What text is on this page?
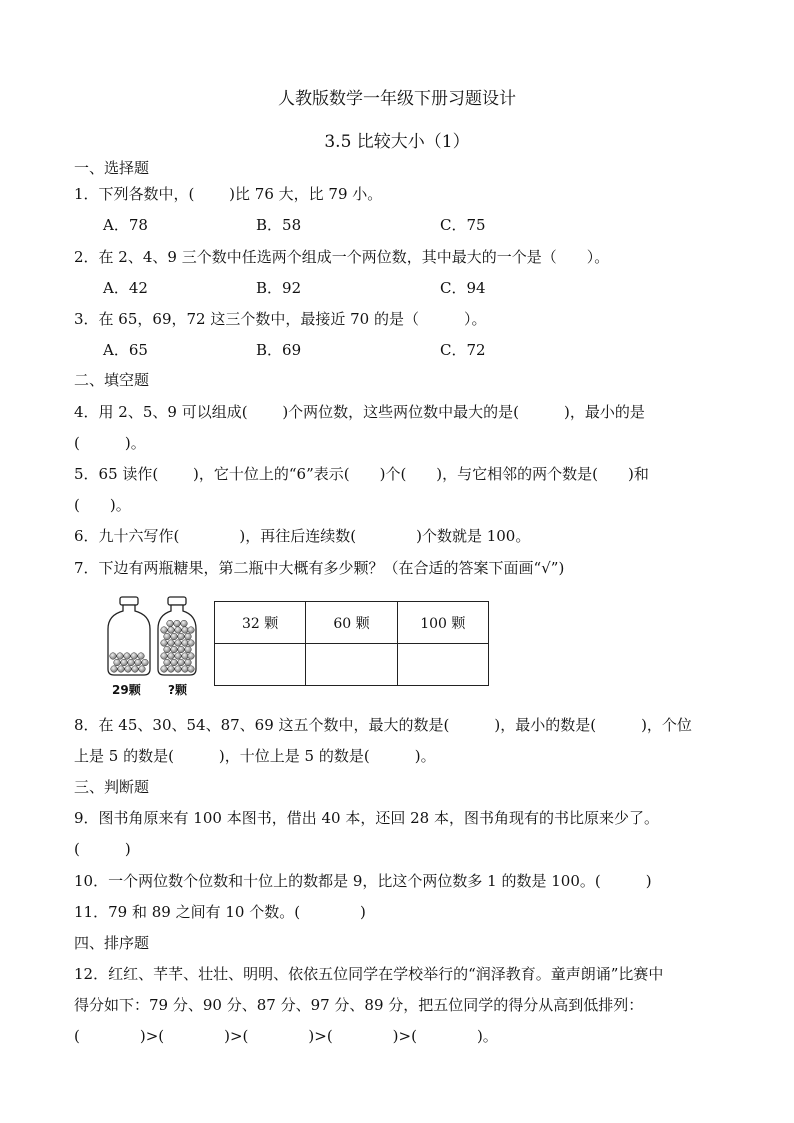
人教版数学一年级下册习题设计
3.5 比较大小（1）
一、选择题
1．下列各数中，(　　 )比 76 大，比 79 小。
A．78	B．58	C．75
2．在 2、4、9 三个数中任选两个组成一个两位数，其中最大的一个是（　　）。
A．42	B．92	C．94
3．在 65，69，72 这三个数中，最接近 70 的是（　　　）。
A．65	B．69	C．72
二、填空题
4．用 2、5、9 可以组成(　　 )个两位数，这些两位数中最大的是(　　　)，最小的是
(　　　)。
5．65 读作(　　 )，它十位上的“6”表示(　　)个(　　)，与它相邻的两个数是(　　)和
(　　)。
6．九十六写作(　　　　)，再往后连续数(　　　　)个数就是 100。
7．下边有两瓶糖果，第二瓶中大概有多少颗？（在合适的答案下面画“√”)
29颗 ?颗
32 颗	60 颗	100 颗

8．在 45、30、54、87、69 这五个数中，最大的数是(　　　)，最小的数是(　　　)，个位
上是 5 的数是(　　　)，十位上是 5 的数是(　　　)。
三、判断题
9．图书角原来有 100 本图书，借出 40 本，还回 28 本，图书角现有的书比原来少了。
(　　　)
10．一个两位数个位数和十位上的数都是 9，比这个两位数多 1 的数是 100。(　　　)
11．79 和 89 之间有 10 个数。(　　　　)
四、排序题
12．红红、芊芊、壮壮、明明、依依五位同学在学校举行的“润泽教育。童声朗诵”比赛中
得分如下：79 分、90 分、87 分、97 分、89 分，把五位同学的得分从高到低排列：
(　　　　)>(　　　　)>(　　　　)>(　　　　)>(　　　　)。
